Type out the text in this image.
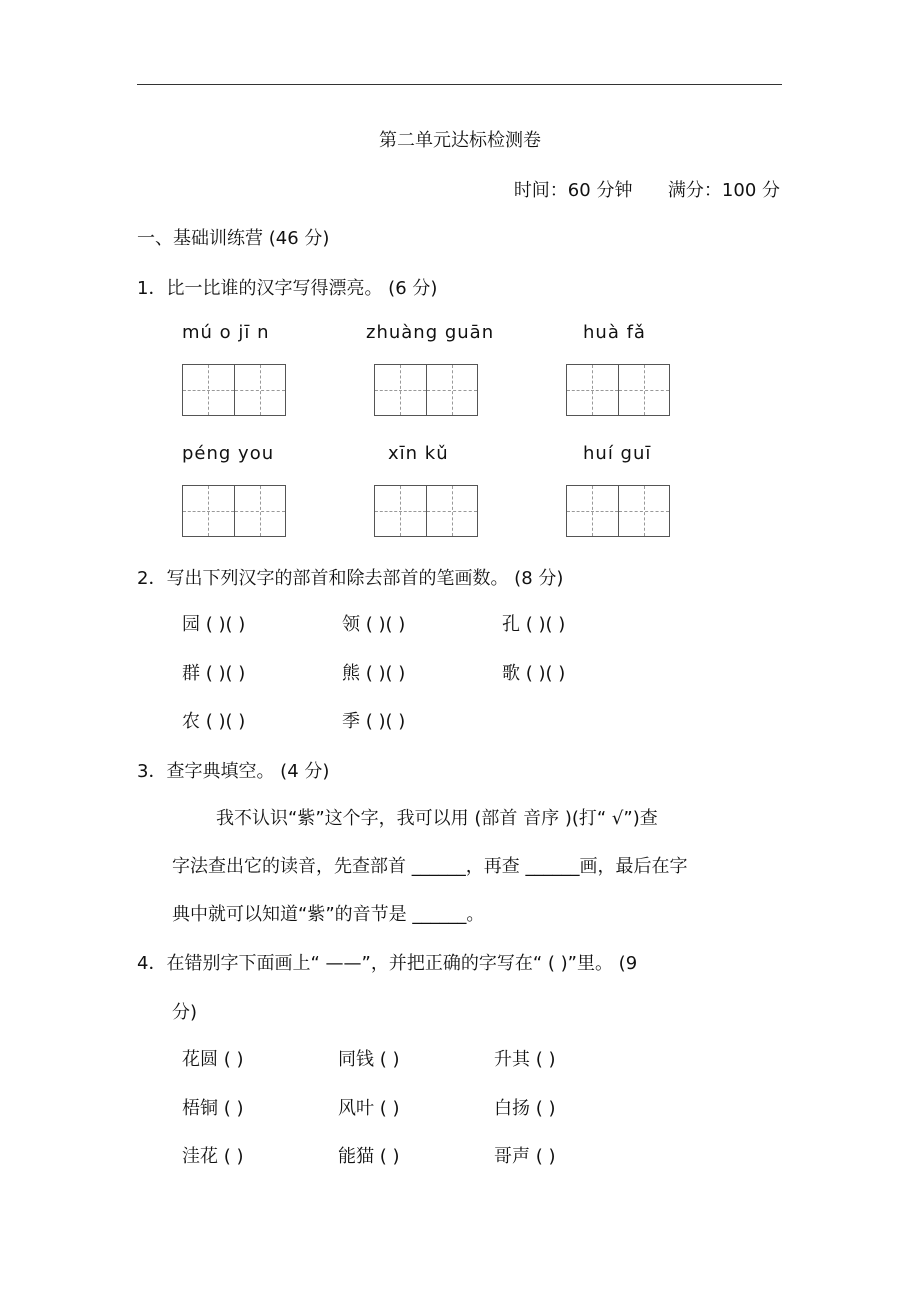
第二单元达标检测卷
时间：60 分钟 满分：100 分
一、基础训练营 (46 分)
1．比一比谁的汉字写得漂亮。 (6 分)
mú o jī n	zhuàng guān	huà fǎ
péng you	xīn kǔ	huí guī
2．写出下列汉字的部首和除去部首的笔画数。 (8 分)
园 ( )( )	领 ( )( )	孔 ( )( )
群 ( )( )	熊 ( )( )	歌 ( )( )
农 ( )( )	季 ( )( )
3．查字典填空。 (4 分)
我不认识“紫”这个字，我可以用 (部首 音序 )(打“ √”)查
字法查出它的读音，先查部首 ______，再查 ______画，最后在字
典中就可以知道“紫”的音节是 ______。
4．在错别字下面画上“ ——”，并把正确的字写在“ ( )”里。 (9
分)
花圆 ( )	同钱 ( )	升其 ( )
梧铜 ( )	风叶 ( )	白扬 ( )
洼花 ( )	能猫 ( )	哥声 ( )
